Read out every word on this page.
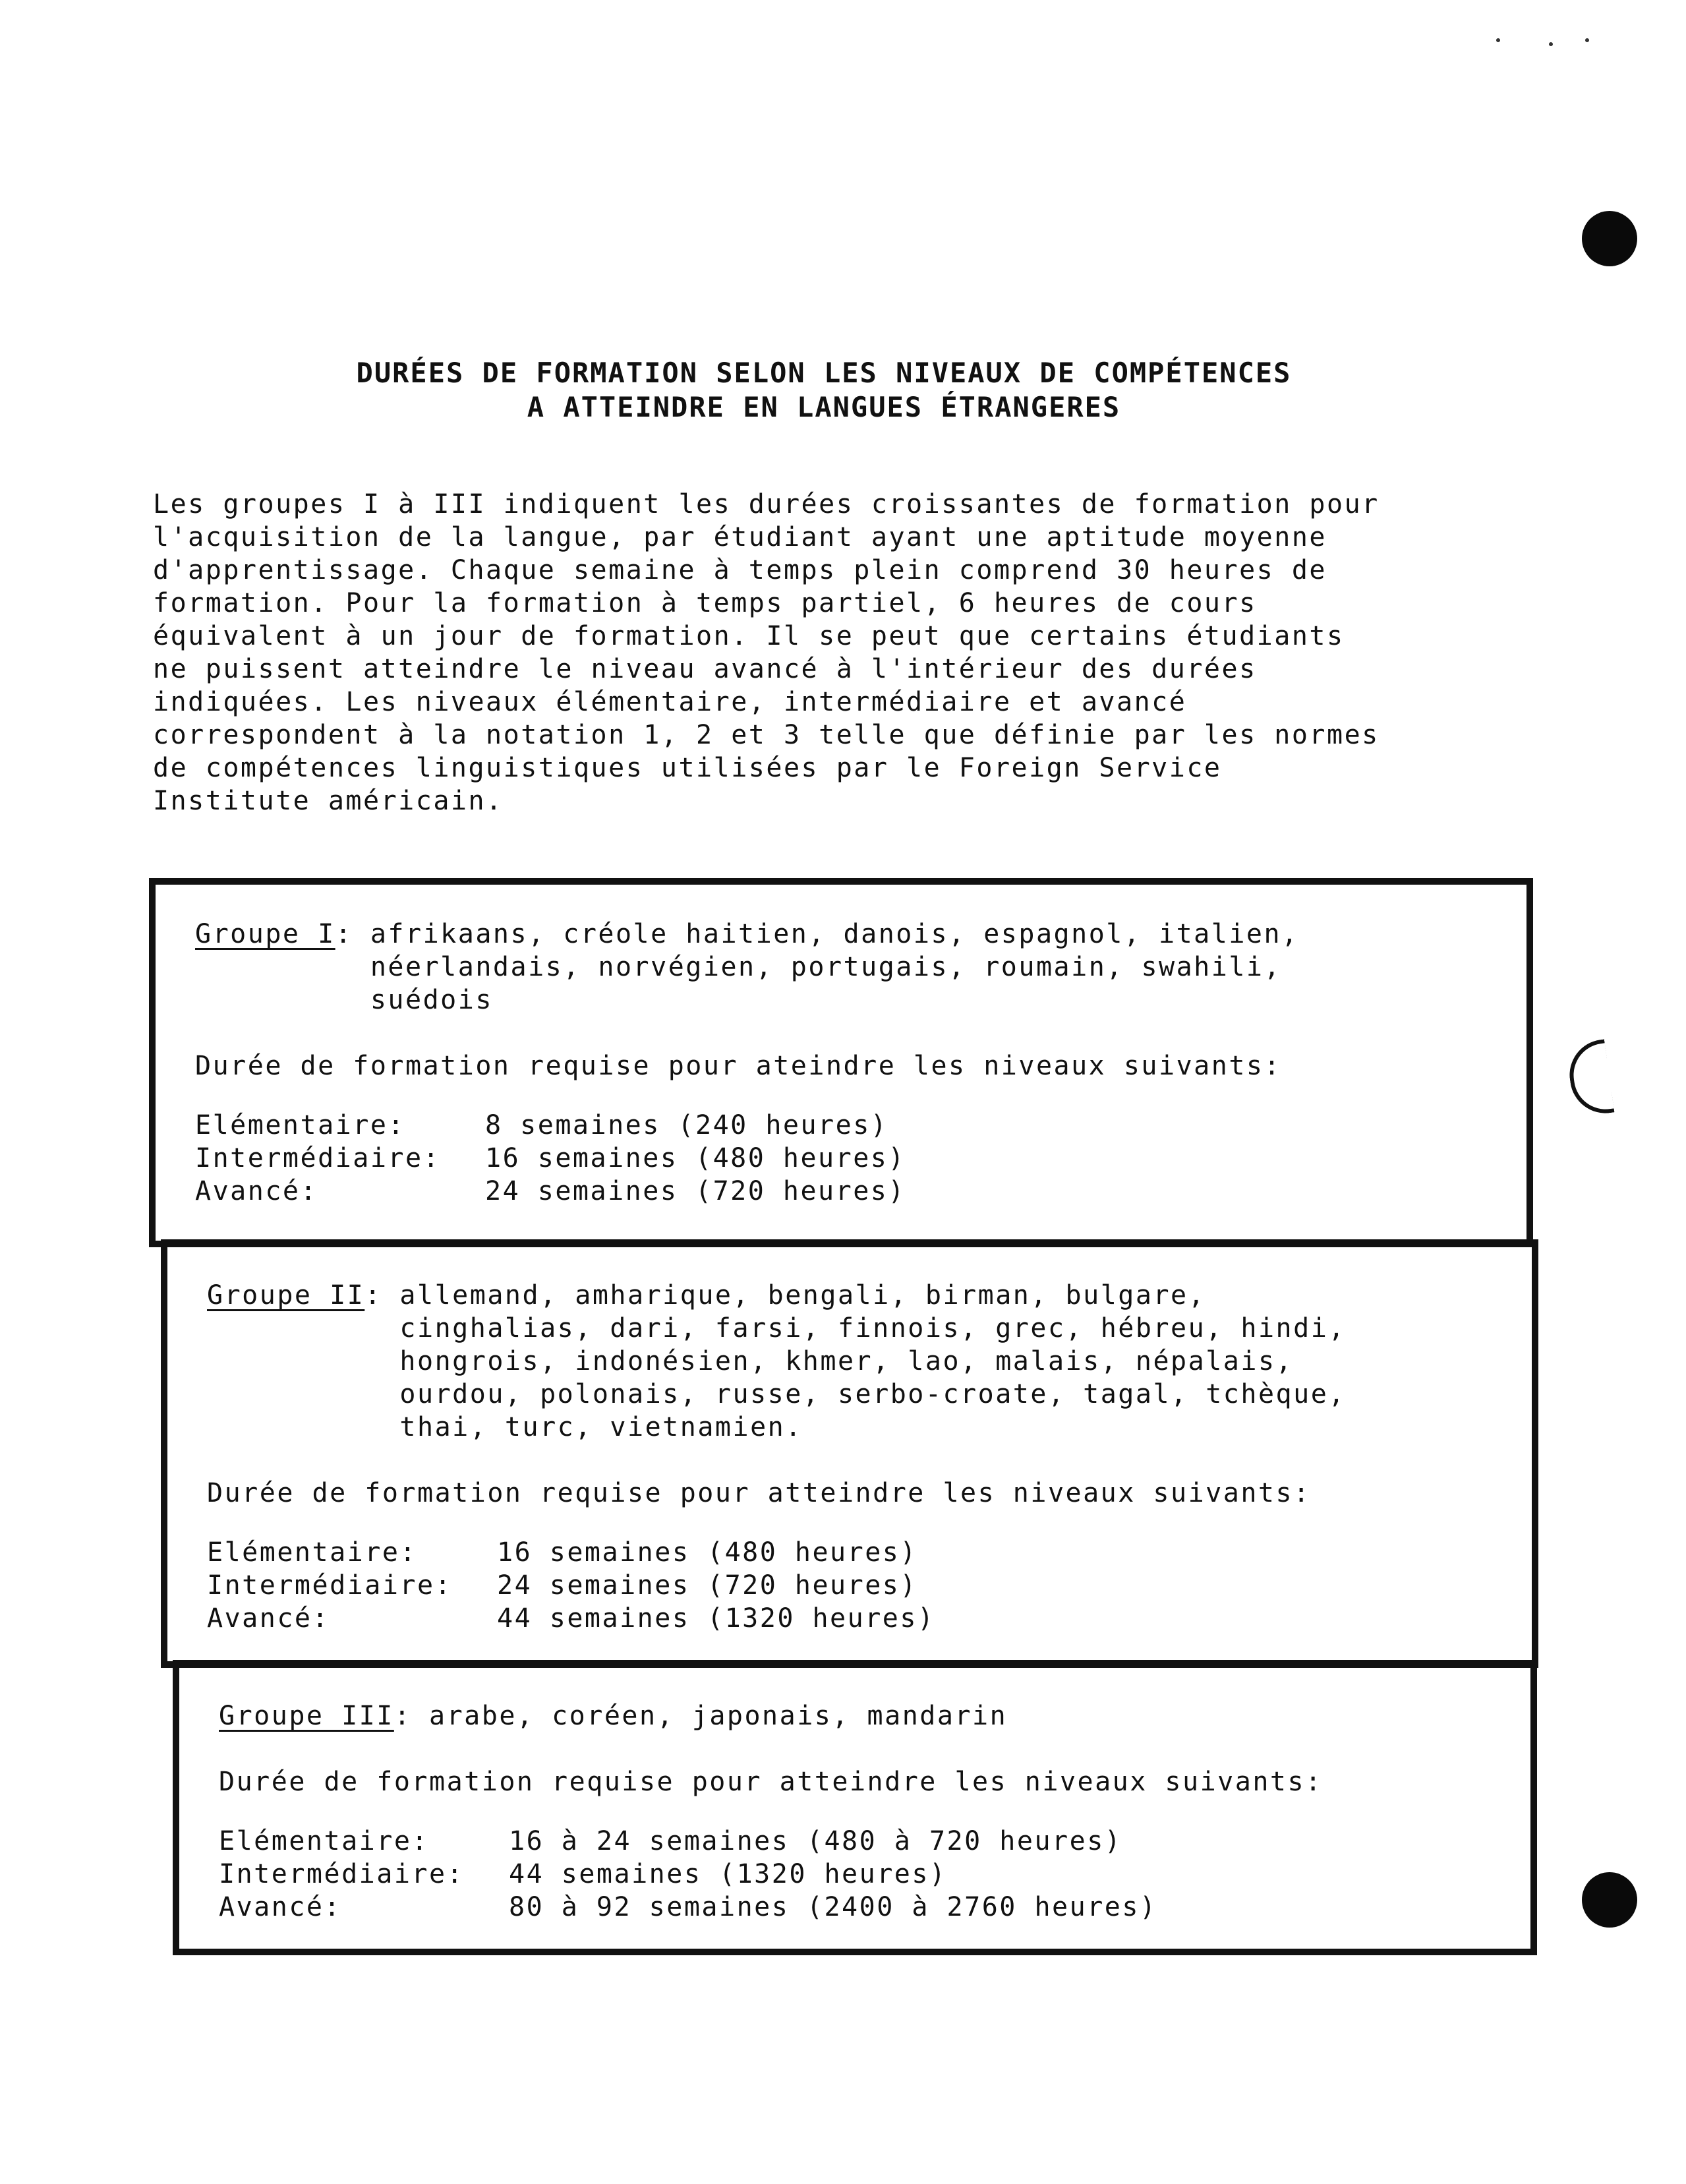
DURÉES DE FORMATION SELON LES NIVEAUX DE COMPÉTENCES
A ATTEINDRE EN LANGUES ÉTRANGERES

Les groupes I à III indiquent les durées croissantes de formation pour
l'acquisition de la langue, par étudiant ayant une aptitude moyenne
d'apprentissage. Chaque semaine à temps plein comprend 30 heures de
formation. Pour la formation à temps partiel, 6 heures de cours
équivalent à un jour de formation. Il se peut que certains étudiants
ne puissent atteindre le niveau avancé à l'intérieur des durées
indiquées. Les niveaux élémentaire, intermédiaire et avancé
correspondent à la notation 1, 2 et 3 telle que définie par les normes
de compétences linguistiques utilisées par le Foreign Service
Institute américain.

Groupe I : afrikaans, créole haitien, danois, espagnol, italien,
néerlandais, norvégien, portugais, roumain, swahili,
suédois
Durée de formation requise pour ateindre les niveaux suivants:
Elémentaire:	8 semaines (240 heures)
Intermédiaire:	16 semaines (480 heures)
Avancé:	24 semaines (720 heures)
Groupe II : allemand, amharique, bengali, birman, bulgare,
cinghalias, dari, farsi, finnois, grec, hébreu, hindi,
hongrois, indonésien, khmer, lao, malais, népalais,
ourdou, polonais, russe, serbo-croate, tagal, tchèque,
thai, turc, vietnamien.
Durée de formation requise pour atteindre les niveaux suivants:
Elémentaire:	16 semaines (480 heures)
Intermédiaire:	24 semaines (720 heures)
Avancé:	44 semaines (1320 heures)
Groupe III : arabe, coréen, japonais, mandarin
Durée de formation requise pour atteindre les niveaux suivants:
Elémentaire:	16 à 24 semaines (480 à 720 heures)
Intermédiaire:	44 semaines (1320 heures)
Avancé:	80 à 92 semaines (2400 à 2760 heures)
